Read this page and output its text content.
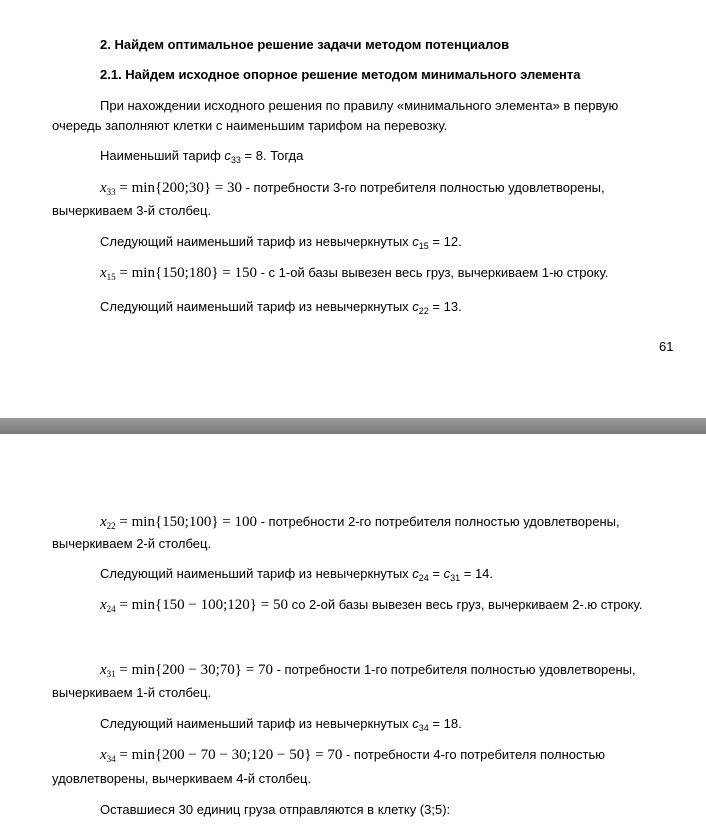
2. Найдем оптимальное решение задачи методом потенциалов
2.1. Найдем исходное опорное решение методом минимального элемента
При нахождении исходного решения по правилу «минимального элемента» в первую
очередь заполняют клетки с наименьшим тарифом на перевозку.
Наименьший тариф $c_{33} = 8$. Тогда
$x_{33}$ = min{200;30} = 30 - потребности 3-го потребителя полностью удовлетворены,
вычеркиваем 3-й столбец.
Следующий наименьший тариф из невычеркнутых $c_{15} = 12$.
$x_{15}$ = min{150;180} = 150 - с 1-ой базы вывезен весь груз, вычеркиваем 1-ю строку.
Следующий наименьший тариф из невычеркнутых $c_{22} = 13$.
61
$x_{22}$ = min{150;100} = 100 - потребности 2-го потребителя полностью удовлетворены,
вычеркиваем 2-й столбец.
Следующий наименьший тариф из невычеркнутых $c_{24} = c_{31} = 14$.
$x_{24} = \min\{150$ − 100;120} = 50 со 2-ой базы вывезен весь груз, вычеркиваем 2-.ю строку.
$x_{31} = \min\{200$ − 30;70} = 70 - потребности 1-го потребителя полностью удовлетворены,
вычеркиваем 1-й столбец.
Следующий наименьший тариф из невычеркнутых $c_{34} = 18$.
$x_{34} = \min\{200 - 70$ − 30;120 − 50} = 70 - потребности 4-го потребителя полностью
удовлетворены, вычеркиваем 4-й столбец.
Оставшиеся 30 единиц груза отправляются в клетку (3;5):
